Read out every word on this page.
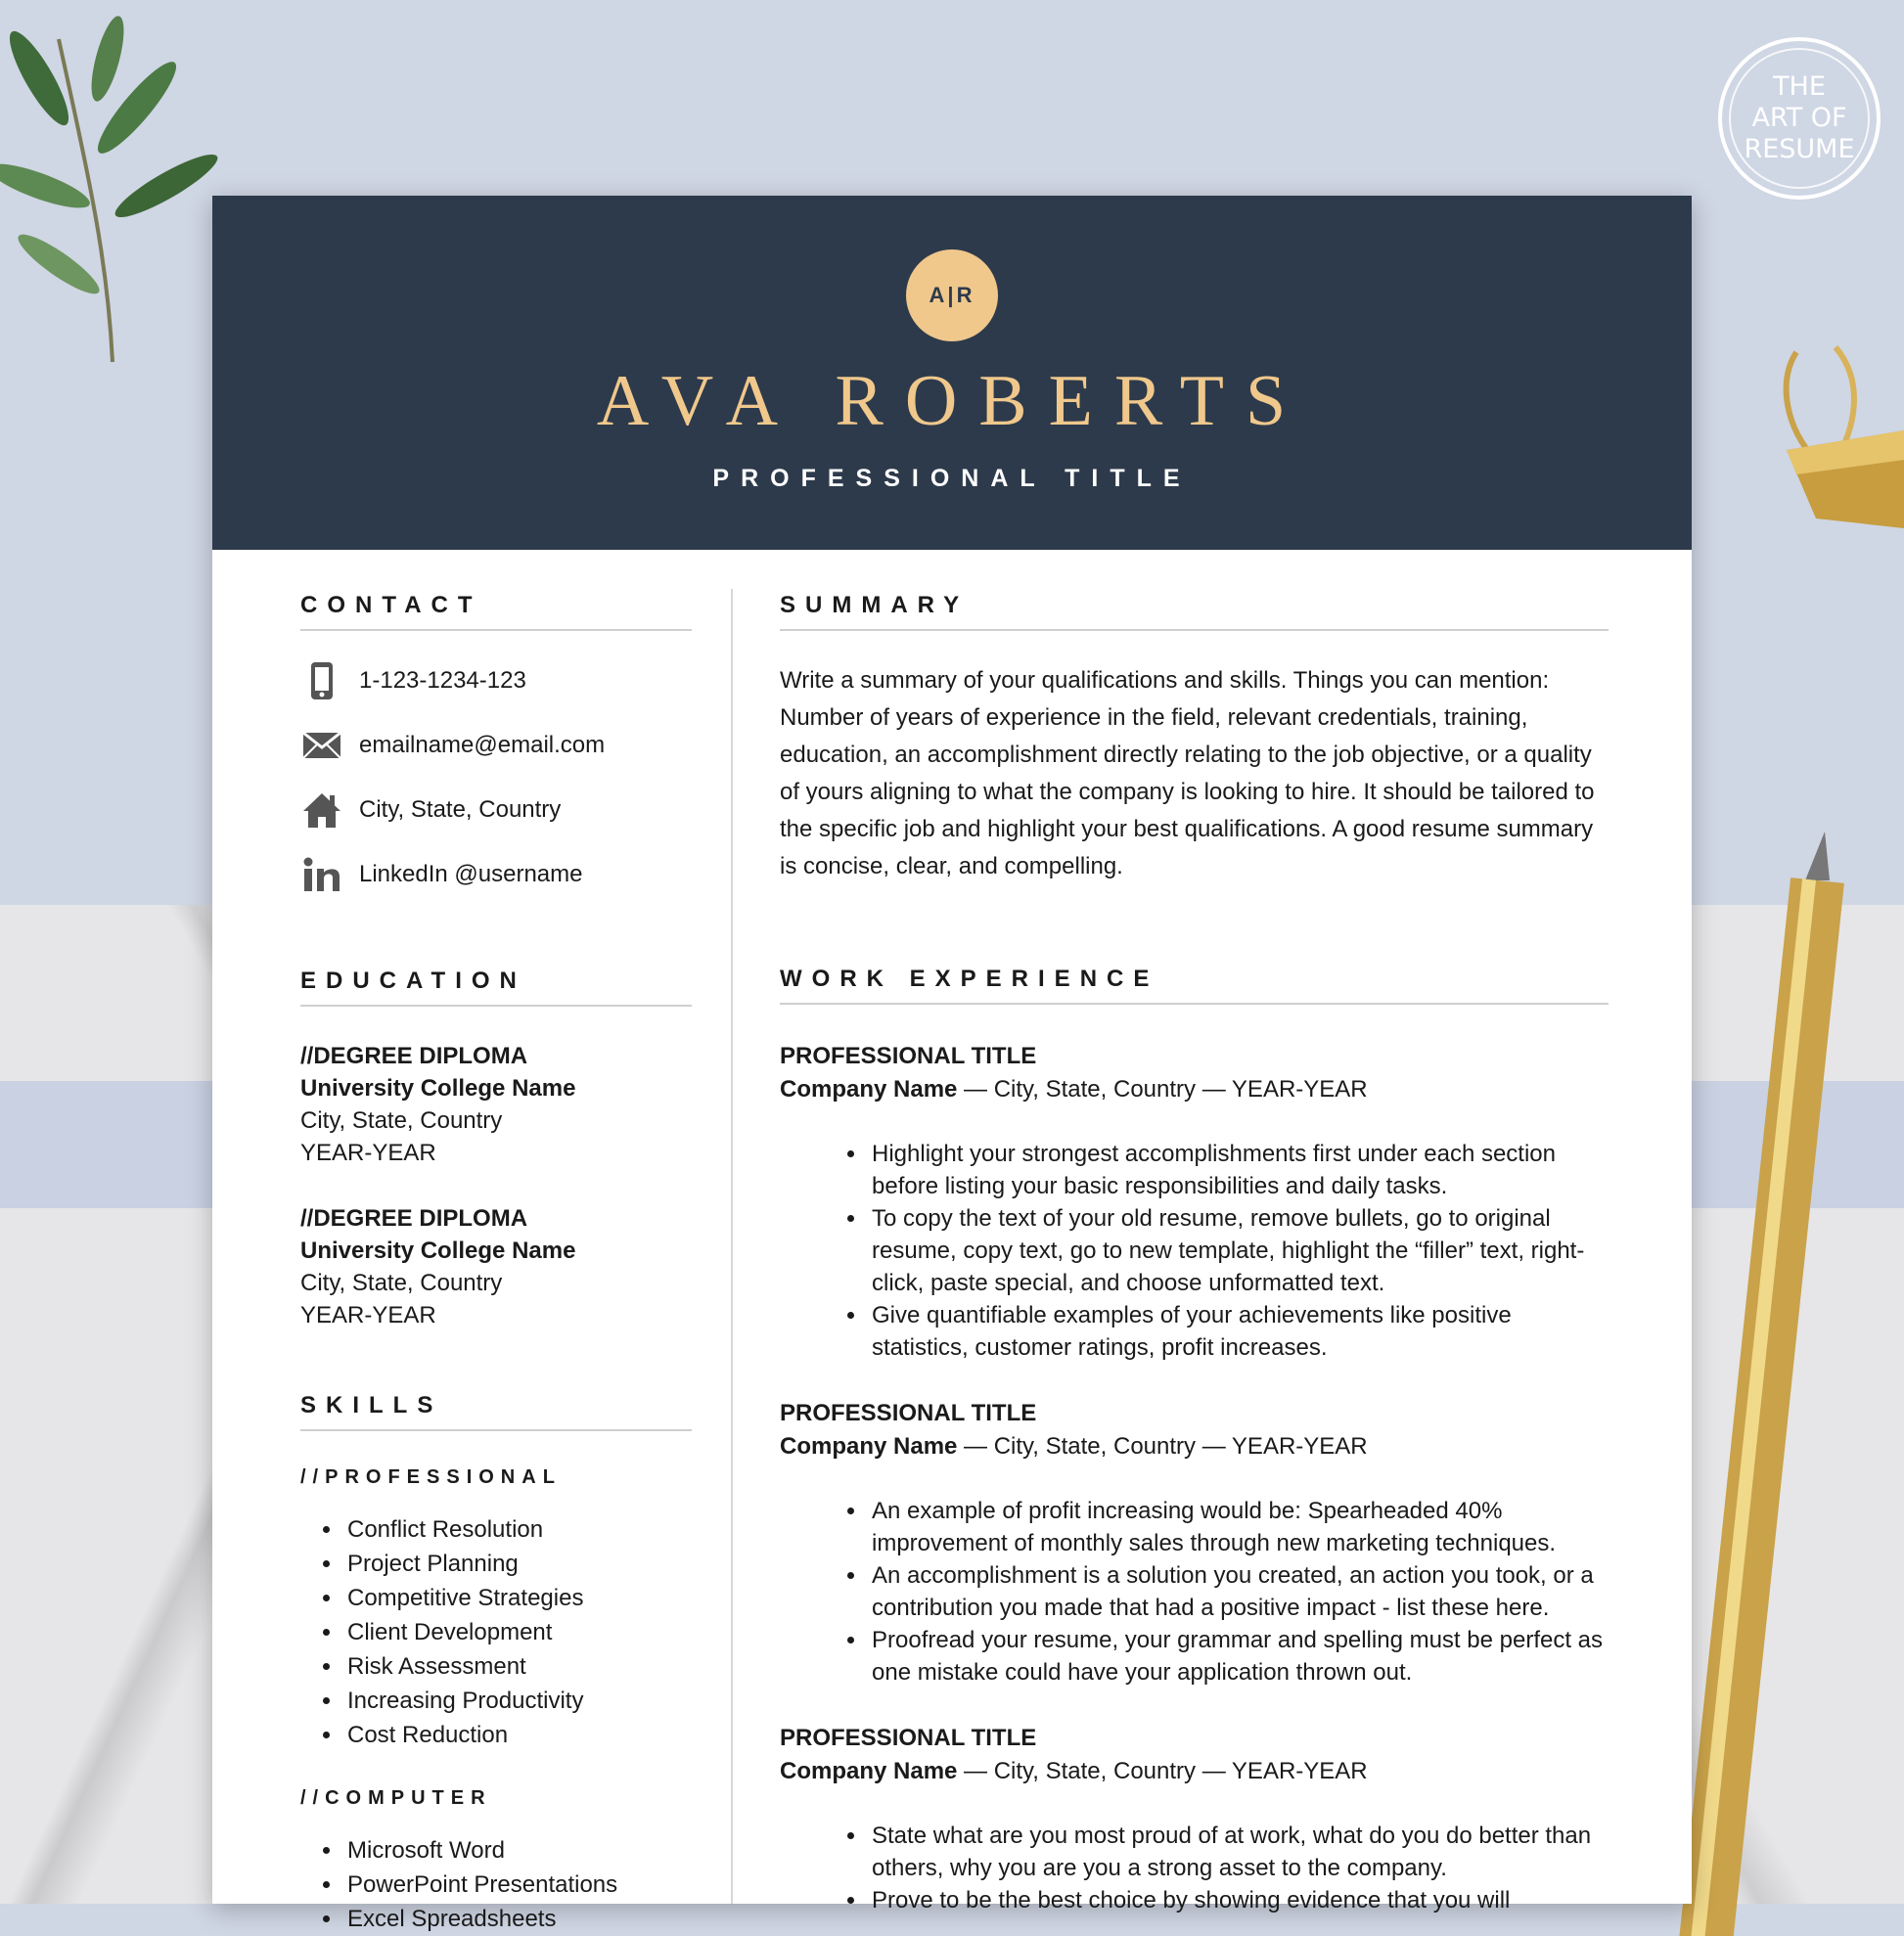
THE
ART OF
RESUME
A|R
AVA ROBERTS
PROFESSIONAL TITLE
CONTACT
1-123-1234-123
emailname@email.com
City, State, Country
LinkedIn @username
EDUCATION
//DEGREE DIPLOMA
University College Name
City, State, Country
YEAR-YEAR
//DEGREE DIPLOMA
University College Name
City, State, Country
YEAR-YEAR
SKILLS
//PROFESSIONAL
• Conflict Resolution
• Project Planning
• Competitive Strategies
• Client Development
• Risk Assessment
• Increasing Productivity
• Cost Reduction
//COMPUTER
• Microsoft Word
• PowerPoint Presentations
• Excel Spreadsheets
SUMMARY
Write a summary of your qualifications and skills. Things you can mention: Number of years of experience in the field, relevant credentials, training, education, an accomplishment directly relating to the job objective, or a quality of yours aligning to what the company is looking to hire. It should be tailored to the specific job and highlight your best qualifications. A good resume summary is concise, clear, and compelling.
WORK EXPERIENCE
PROFESSIONAL TITLE
Company Name — City, State, Country — YEAR-YEAR
• Highlight your strongest accomplishments first under each section before listing your basic responsibilities and daily tasks.
• To copy the text of your old resume, remove bullets, go to original resume, copy text, go to new template, highlight the “filler” text, right-click, paste special, and choose unformatted text.
• Give quantifiable examples of your achievements like positive statistics, customer ratings, profit increases.
PROFESSIONAL TITLE
Company Name — City, State, Country — YEAR-YEAR
• An example of profit increasing would be: Spearheaded 40% improvement of monthly sales through new marketing techniques.
• An accomplishment is a solution you created, an action you took, or a contribution you made that had a positive impact - list these here.
• Proofread your resume, your grammar and spelling must be perfect as one mistake could have your application thrown out.
PROFESSIONAL TITLE
Company Name — City, State, Country — YEAR-YEAR
• State what are you most proud of at work, what do you do better than others, why you are you a strong asset to the company.
• Prove to be the best choice by showing evidence that you will
